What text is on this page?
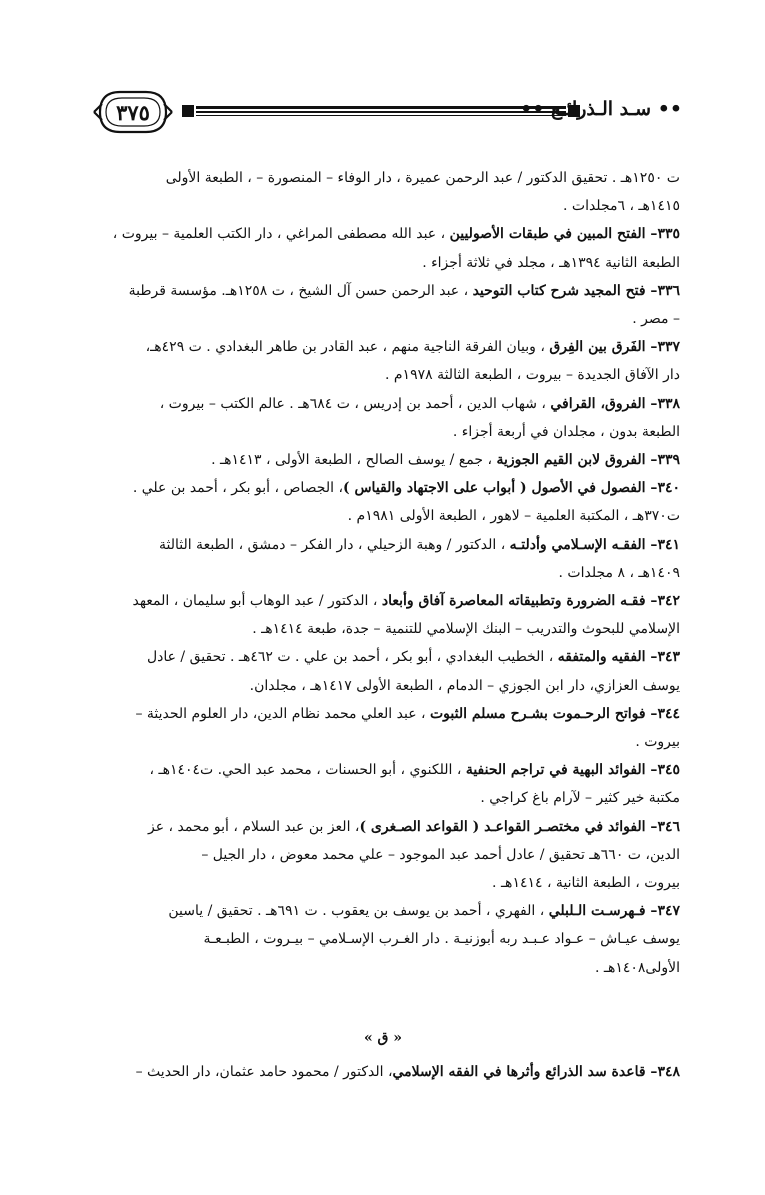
٣٧٥	•• سـد الـذرائـع ••

ت ١٢٥٠هـ . تحقيق الدكتور / عبد الرحمن عميرة ، دار الوفاء – المنصورة – ، الطبعة الأولى

١٤١٥هـ ، ٦مجلدات .

٣٣٥– الفتح المبين في طبقات الأصوليين ، عبد الله مصطفى المراغي ، دار الكتب العلمية – بيروت ،

الطبعة الثانية ١٣٩٤هـ ، مجلد في ثلاثة أجزاء .

٣٣٦– فتح المجيد شرح كتاب التوحيد ، عبد الرحمن حسن آل الشيخ ، ت ١٢٥٨هـ. مؤسسة قرطبة

– مصر .

٣٣٧– الفَرق بين الفِرق ، وبيان الفرقة الناجية منهم ، عبد القادر بن طاهر البغدادي . ت ٤٢٩هـ،

دار الآفاق الجديدة – بيروت ، الطبعة الثالثة ١٩٧٨م .

٣٣٨– الفروق، القرافي ، شهاب الدين ، أحمد بن إدريس ، ت ٦٨٤هـ . عالم الكتب – بيروت ،

الطبعة بدون ، مجلدان في أربعة أجزاء .

٣٣٩– الفروق لابن القيم الجوزية ، جمع / يوسف الصالح ، الطبعة الأولى ، ١٤١٣هـ .

٣٤٠– الفصول في الأصول ( أبواب على الاجتهاد والقياس )، الجصاص ، أبو بكر ، أحمد بن علي .

ت٣٧٠هـ ، المكتبة العلمية – لاهور ، الطبعة الأولى ١٩٨١م .

٣٤١– الفقـه الإسـلامي وأدلتـه ، الدكتور / وهبة الزحيلي ، دار الفكر – دمشق ، الطبعة الثالثة

١٤٠٩هـ ، ٨ مجلدات .

٣٤٢– فقـه الضرورة وتطبيقاته المعاصرة آفاق وأبعاد ، الدكتور / عبد الوهاب أبو سليمان ، المعهد

الإسلامي للبحوث والتدريب – البنك الإسلامي للتنمية – جدة، طبعة ١٤١٤هـ .

٣٤٣– الفقيه والمتفقه ، الخطيب البغدادي ، أبو بكر ، أحمد بن علي . ت ٤٦٢هـ . تحقيق / عادل

يوسف العزازي، دار ابن الجوزي – الدمام ، الطبعة الأولى ١٤١٧هـ ، مجلدان.

٣٤٤– فواتح الرحـموت بشـرح مسلم الثبوت ، عبد العلي محمد نظام الدين، دار العلوم الحديثة –

بيروت .

٣٤٥– الفوائد البهية في تراجم الحنفية ، اللكنوي ، أبو الحسنات ، محمد عبد الحي. ت١٤٠٤هـ ،

مكتبة خير كثير – لآرام باغ كراجي .

٣٤٦– الفوائد في مختصـر القواعـد ( القواعد الصـغرى )، العز بن عبد السلام ، أبو محمد ، عز

الدين، ت ٦٦٠هـ تحقيق / عادل أحمد عبد الموجود – علي محمد معوض ، دار الجيل –

بيروت ، الطبعة الثانية ، ١٤١٤هـ .

٣٤٧– فـهرسـت الـلبلي ، الفهري ، أحمد بن يوسف بن يعقوب . ت ٦٩١هـ . تحقيق / ياسين

يوسف عيـاش – عـواد عـبـد ربه أبوزنيـة . دار الغـرب الإسـلامي – بيـروت ، الطبـعـة

الأولى١٤٠٨هـ .

« ق »
٣٤٨– قاعدة سد الذرائع وأثرها في الفقه الإسلامي، الدكتور / محمود حامد عثمان، دار الحديث –
